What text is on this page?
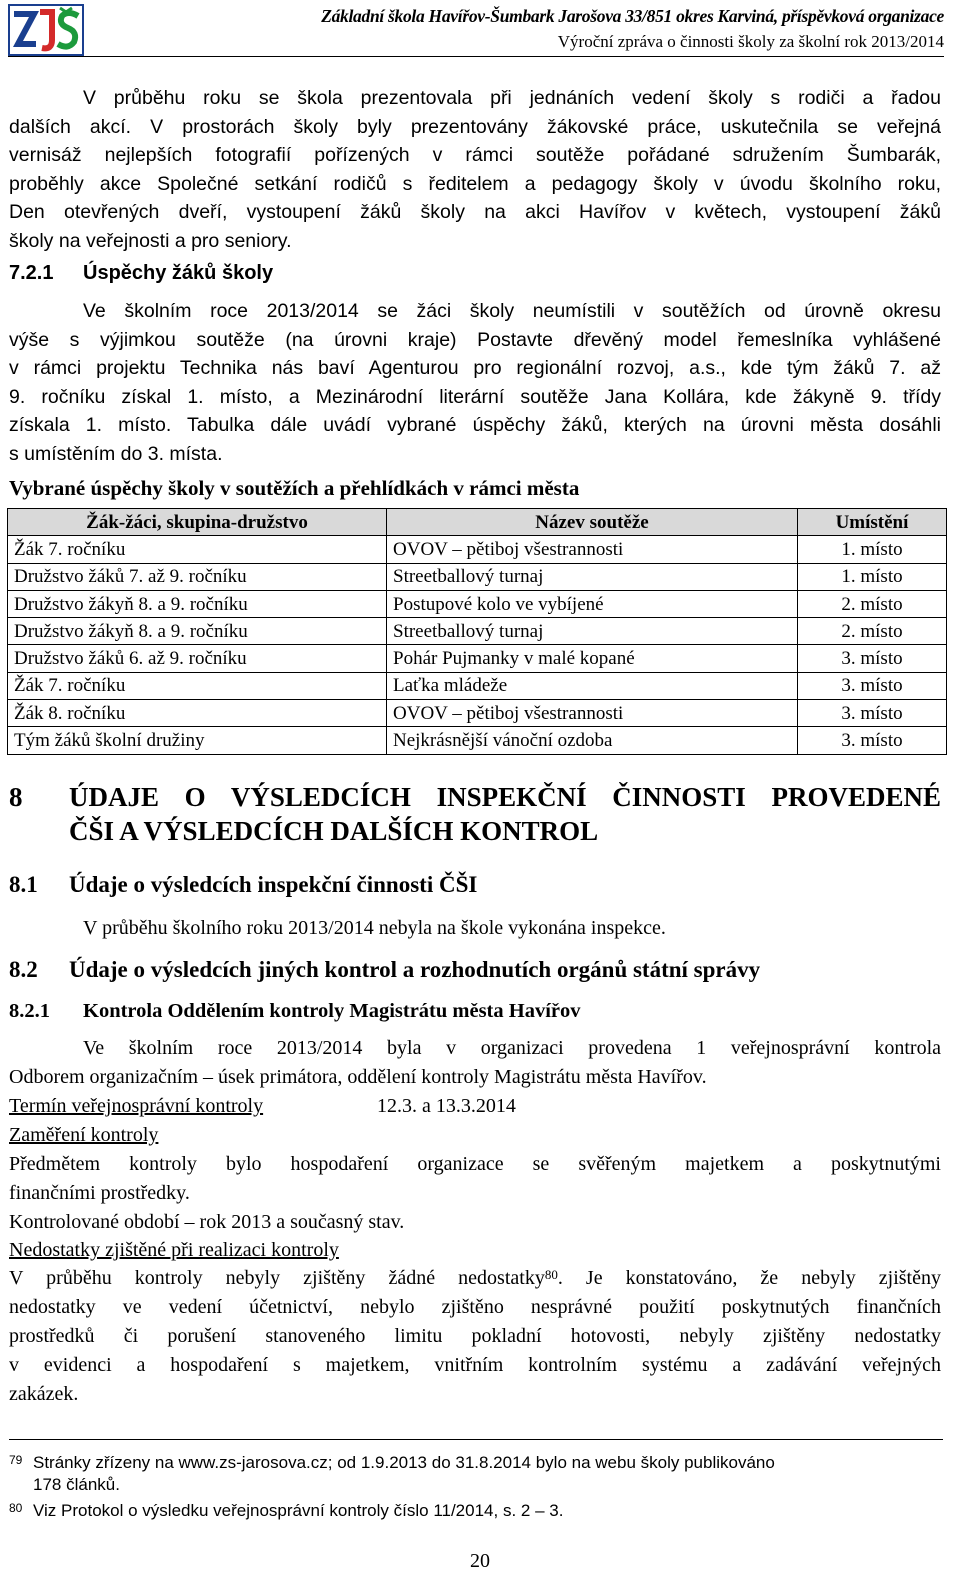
Základní škola Havířov-Šumbark Jarošova 33/851 okres Karviná, příspěvková organizace
Výroční zpráva o činnosti školy za školní rok 2013/2014
V průběhu roku se škola prezentovala při jednáních vedení školy s rodiči a řadou
dalších akcí. V prostorách školy byly prezentovány žákovské práce, uskutečnila se veřejná
vernisáž nejlepších fotografií pořízených v rámci soutěže pořádané sdružením Šumbarák,
proběhly akce Společné setkání rodičů s ředitelem a pedagogy školy v úvodu školního roku,
Den otevřených dveří, vystoupení žáků školy na akci Havířov v květech, vystoupení žáků
školy na veřejnosti a pro seniory.
7.2.1 Úspěchy žáků školy
Ve školním roce 2013/2014 se žáci školy neumístili v soutěžích od úrovně okresu
výše s výjimkou soutěže (na úrovni kraje) Postavte dřevěný model řemeslníka vyhlášené
v rámci projektu Technika nás baví Agenturou pro regionální rozvoj, a.s., kde tým žáků 7. až
9. ročníku získal 1. místo, a Mezinárodní literární soutěže Jana Kollára, kde žákyně 9. třídy
získala 1. místo. Tabulka dále uvádí vybrané úspěchy žáků, kterých na úrovni města dosáhli
s umístěním do 3. místa.
Vybrané úspěchy školy v soutěžích a přehlídkách v rámci města
Žák-žáci, skupina-družstvo	Název soutěže	Umístění
Žák 7. ročníku	OVOV – pětiboj všestrannosti	1. místo
Družstvo žáků 7. až 9. ročníku	Streetballový turnaj	1. místo
Družstvo žákyň 8. a 9. ročníku	Postupové kolo ve vybíjené	2. místo
Družstvo žákyň 8. a 9. ročníku	Streetballový turnaj	2. místo
Družstvo žáků 6. až 9. ročníku	Pohár Pujmanky v malé kopané	3. místo
Žák 7. ročníku	Laťka mládeže	3. místo
Žák 8. ročníku	OVOV – pětiboj všestrannosti	3. místo
Tým žáků školní družiny	Nejkrásnější vánoční ozdoba	3. místo
8 ÚDAJE O VÝSLEDCÍCH INSPEKČNÍ ČINNOSTI PROVEDENÉ
ČŠI A VÝSLEDCÍCH DALŠÍCH KONTROL
8.1 Údaje o výsledcích inspekční činnosti ČŠI
V průběhu školního roku 2013/2014 nebyla na škole vykonána inspekce.
8.2 Údaje o výsledcích jiných kontrol a rozhodnutích orgánů státní správy
8.2.1 Kontrola Oddělením kontroly Magistrátu města Havířov
Ve školním roce 2013/2014 byla v organizaci provedena 1 veřejnosprávní kontrola
Odborem organizačním – úsek primátora, oddělení kontroly Magistrátu města Havířov.
Termín veřejnosprávní kontroly	12.3. a 13.3.2014
Zaměření kontroly
Předmětem kontroly bylo hospodaření organizace se svěřeným majetkem a poskytnutými
finančními prostředky.
Kontrolované období – rok 2013 a současný stav.
Nedostatky zjištěné při realizaci kontroly
V průběhu kontroly nebyly zjištěny žádné nedostatky$^{80}$. Je konstatováno, že nebyly zjištěny
nedostatky ve vedení účetnictví, nebylo zjištěno nesprávné použití poskytnutých finančních
prostředků či porušení stanoveného limitu pokladní hotovosti, nebyly zjištěny nedostatky
v evidenci a hospodaření s majetkem, vnitřním kontrolním systému a zadávání veřejných
zakázek.
$^{79}$ Stránky zřízeny na www.zs-jarosova.cz; od 1.9.2013 do 31.8.2014 bylo na webu školy publikováno
178 článků.
$^{80}$ Viz Protokol o výsledku veřejnosprávní kontroly číslo 11/2014, s. 2 – 3.
20
